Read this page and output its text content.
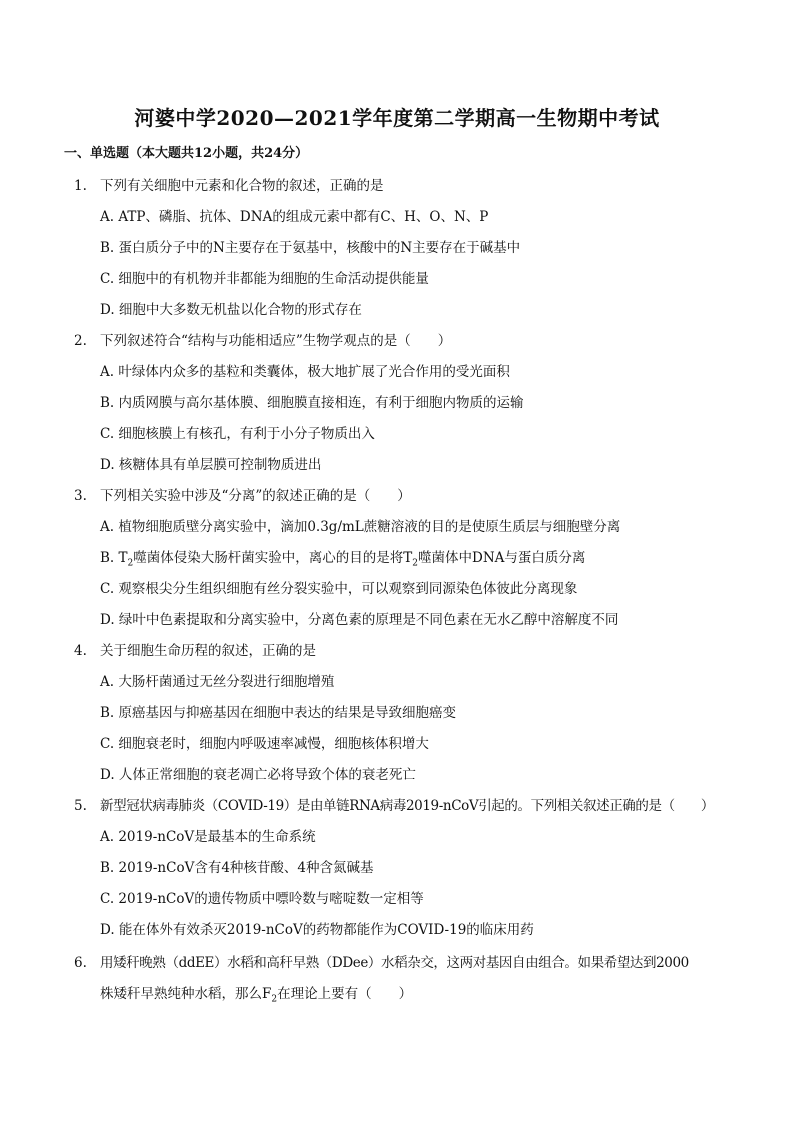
河婆中学2020—2021学年度第二学期高一生物期中考试
一、单选题（本大题共12小题，共24分）
1. 下列有关细胞中元素和化合物的叙述，正确的是
A. ATP、磷脂、抗体、DNA的组成元素中都有C、H、O、N、P
B. 蛋白质分子中的N主要存在于氨基中，核酸中的N主要存在于碱基中
C. 细胞中的有机物并非都能为细胞的生命活动提供能量
D. 细胞中大多数无机盐以化合物的形式存在
2. 下列叙述符合“结构与功能相适应”生物学观点的是（　　）
A. 叶绿体内众多的基粒和类囊体，极大地扩展了光合作用的受光面积
B. 内质网膜与高尔基体膜、细胞膜直接相连，有利于细胞内物质的运输
C. 细胞核膜上有核孔，有利于小分子物质出入
D. 核糖体具有单层膜可控制物质进出
3. 下列相关实验中涉及“分离”的叙述正确的是（　　）
A. 植物细胞质壁分离实验中，滴加0.3g/mL蔗糖溶液的目的是使原生质层与细胞壁分离
B. $T_2$噬菌体侵染大肠杆菌实验中，离心的目的是将$T_2$噬菌体中DNA与蛋白质分离
C. 观察根尖分生组织细胞有丝分裂实验中，可以观察到同源染色体彼此分离现象
D. 绿叶中色素提取和分离实验中，分离色素的原理是不同色素在无水乙醇中溶解度不同
4. 关于细胞生命历程的叙述，正确的是
A. 大肠杆菌通过无丝分裂进行细胞增殖
B. 原癌基因与抑癌基因在细胞中表达的结果是导致细胞癌变
C. 细胞衰老时，细胞内呼吸速率减慢，细胞核体积增大
D. 人体正常细胞的衰老凋亡必将导致个体的衰老死亡
5. 新型冠状病毒肺炎（COVID-19）是由单链RNA病毒2019-nCoV引起的。下列相关叙述正确的是（　　）
A. 2019-nCoV是最基本的生命系统
B. 2019-nCoV含有4种核苷酸、4种含氮碱基
C. 2019-nCoV的遗传物质中嘌呤数与嘧啶数一定相等
D. 能在体外有效杀灭2019-nCoV的药物都能作为COVID-19的临床用药
6. 用矮秆晚熟（ddEE）水稻和高秆早熟（DDee）水稻杂交，这两对基因自由组合。如果希望达到2000
株矮秆早熟纯种水稻，那么$F_2$在理论上要有（　　）
